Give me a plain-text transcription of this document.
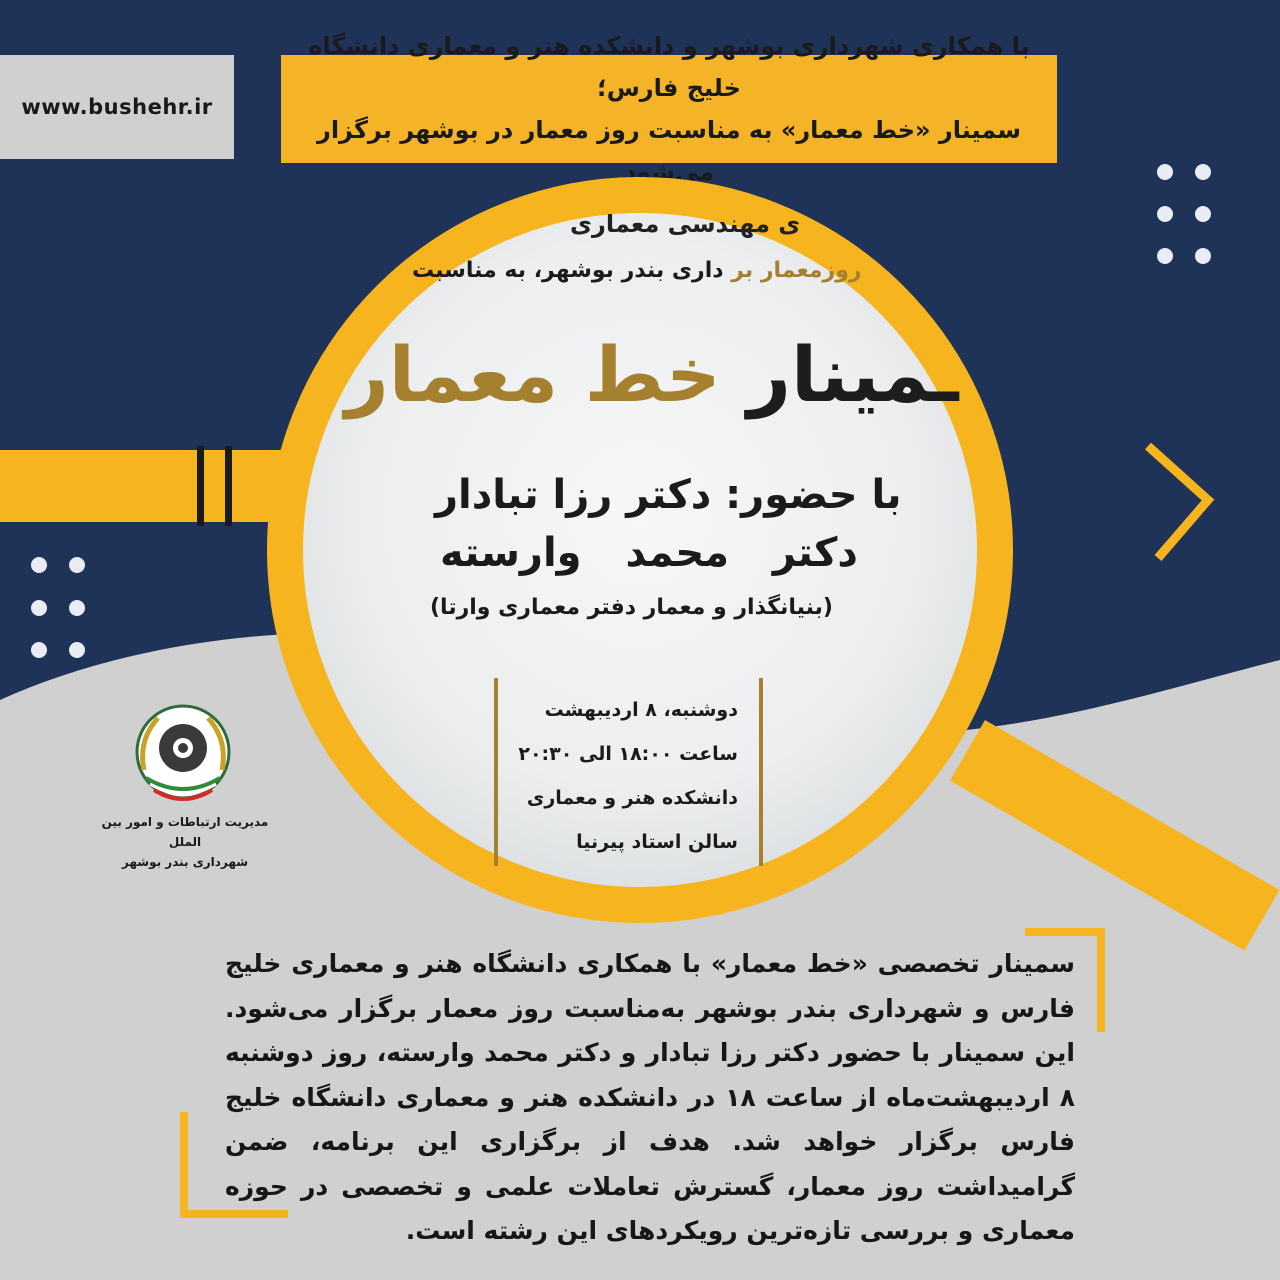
www.bushehr.ir
با همکاری شهرداری بوشهر و دانشکده هنر و معماری دانشگاه خلیج فارس؛
سمینار «خط معمار» به مناسبت روز معمار در بوشهر برگزار می‌شود
ی مهندسی معماری
روزمعمار بر داری بندر بوشهر، به مناسبت
ـمینار خط معمار
با حضور: دکتر رزا تبادار
دکتر محمد وارسته
(بنیانگذار و معمار دفتر معماری وارتا)
دوشنبه، ۸ اردیبهشت
ساعت ۱۸:۰۰ الی ۲۰:۳۰
دانشکده هنر و معماری
سالن استاد پیرنیا
مدیریت ارتباطات و امور بین الملل
شهرداری بندر بوشهر
سمینار تخصصی «خط معمار» با همکاری دانشگاه هنر و معماری خلیج فارس و شهرداری بندر بوشهر به‌مناسبت روز معمار برگزار می‌شود. این سمینار با حضور دکتر رزا تبادار و دکتر محمد وارسته، روز دوشنبه ۸ اردیبهشت‌ماه از ساعت ۱۸ در دانشکده هنر و معماری دانشگاه خلیج فارس برگزار خواهد شد. هدف از برگزاری این برنامه، ضمن گرامیداشت روز معمار، گسترش تعاملات علمی و تخصصی در حوزه معماری و بررسی تازه‌ترین رویکردهای این رشته است.
